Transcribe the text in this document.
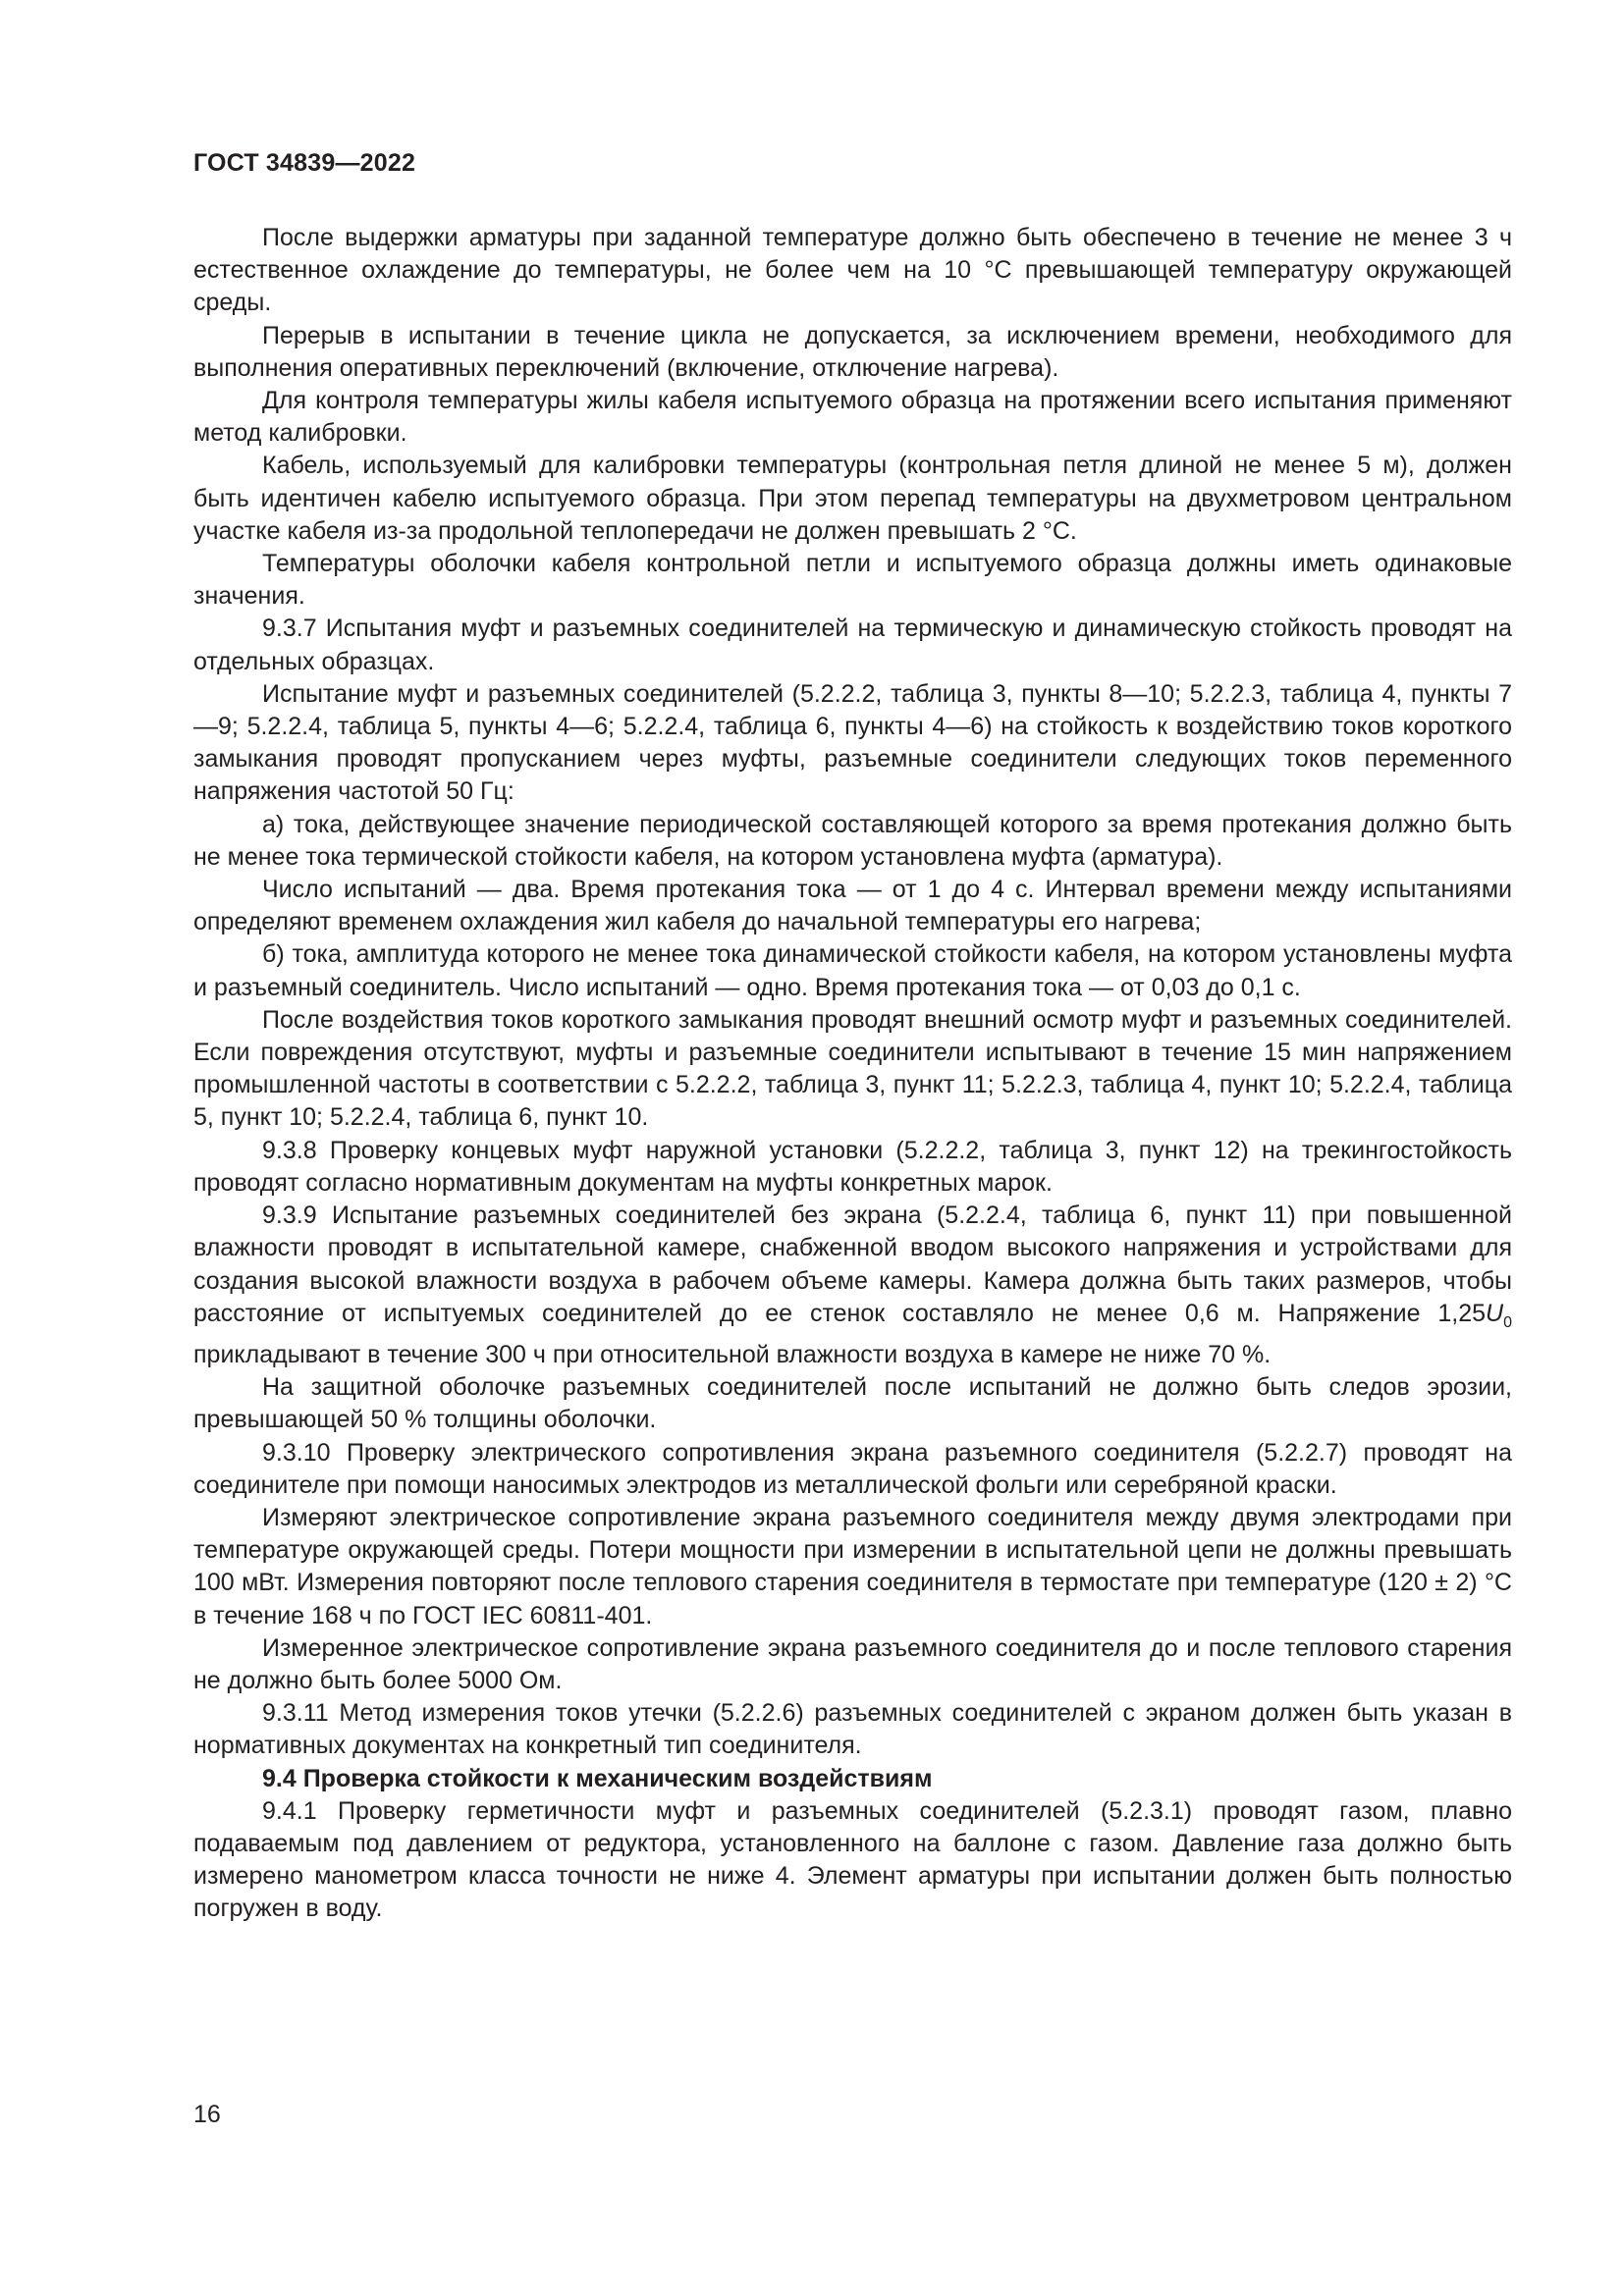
ГОСТ 34839—2022

После выдержки арматуры при заданной температуре должно быть обеспечено в течение не менее 3 ч естественное охлаждение до температуры, не более чем на 10 °С превышающей температуру окружающей среды.

Перерыв в испытании в течение цикла не допускается, за исключением времени, необходимого для выполнения оперативных переключений (включение, отключение нагрева).

Для контроля температуры жилы кабеля испытуемого образца на протяжении всего испытания применяют метод калибровки.

Кабель, используемый для калибровки температуры (контрольная петля длиной не менее 5 м), должен быть идентичен кабелю испытуемого образца. При этом перепад температуры на двухметровом центральном участке кабеля из-за продольной теплопередачи не должен превышать 2 °С.

Температуры оболочки кабеля контрольной петли и испытуемого образца должны иметь одинаковые значения.

9.3.7 Испытания муфт и разъемных соединителей на термическую и динамическую стойкость проводят на отдельных образцах.

Испытание муфт и разъемных соединителей (5.2.2.2, таблица 3, пункты 8—10; 5.2.2.3, таблица 4, пункты 7—9; 5.2.2.4, таблица 5, пункты 4—6; 5.2.2.4, таблица 6, пункты 4—6) на стойкость к воздействию токов короткого замыкания проводят пропусканием через муфты, разъемные соединители следующих токов переменного напряжения частотой 50 Гц:

а) тока, действующее значение периодической составляющей которого за время протекания должно быть не менее тока термической стойкости кабеля, на котором установлена муфта (арматура).

Число испытаний — два. Время протекания тока — от 1 до 4 с. Интервал времени между испытаниями определяют временем охлаждения жил кабеля до начальной температуры его нагрева;

б) тока, амплитуда которого не менее тока динамической стойкости кабеля, на котором установлены муфта и разъемный соединитель. Число испытаний — одно. Время протекания тока — от 0,03 до 0,1 с.

После воздействия токов короткого замыкания проводят внешний осмотр муфт и разъемных соединителей. Если повреждения отсутствуют, муфты и разъемные соединители испытывают в течение 15 мин напряжением промышленной частоты в соответствии с 5.2.2.2, таблица 3, пункт 11; 5.2.2.3, таблица 4, пункт 10; 5.2.2.4, таблица 5, пункт 10; 5.2.2.4, таблица 6, пункт 10.

9.3.8 Проверку концевых муфт наружной установки (5.2.2.2, таблица 3, пункт 12) на трекингостойкость проводят согласно нормативным документам на муфты конкретных марок.

9.3.9 Испытание разъемных соединителей без экрана (5.2.2.4, таблица 6, пункт 11) при повышенной влажности проводят в испытательной камере, снабженной вводом высокого напряжения и устройствами для создания высокой влажности воздуха в рабочем объеме камеры. Камера должна быть таких размеров, чтобы расстояние от испытуемых соединителей до ее стенок составляло не менее 0,6 м. Напряжение $1,25U_0$ прикладывают в течение 300 ч при относительной влажности воздуха в камере не ниже 70 %.

На защитной оболочке разъемных соединителей после испытаний не должно быть следов эрозии, превышающей 50 % толщины оболочки.

9.3.10 Проверку электрического сопротивления экрана разъемного соединителя (5.2.2.7) проводят на соединителе при помощи наносимых электродов из металлической фольги или серебряной краски.

Измеряют электрическое сопротивление экрана разъемного соединителя между двумя электродами при температуре окружающей среды. Потери мощности при измерении в испытательной цепи не должны превышать 100 мВт. Измерения повторяют после теплового старения соединителя в термостате при температуре (120 ± 2) °С в течение 168 ч по ГОСТ IEC 60811-401.

Измеренное электрическое сопротивление экрана разъемного соединителя до и после теплового старения не должно быть более 5000 Ом.

9.3.11 Метод измерения токов утечки (5.2.2.6) разъемных соединителей с экраном должен быть указан в нормативных документах на конкретный тип соединителя.

9.4 Проверка стойкости к механическим воздействиям

9.4.1 Проверку герметичности муфт и разъемных соединителей (5.2.3.1) проводят газом, плавно подаваемым под давлением от редуктора, установленного на баллоне с газом. Давление газа должно быть измерено манометром класса точности не ниже 4. Элемент арматуры при испытании должен быть полностью погружен в воду.

16
